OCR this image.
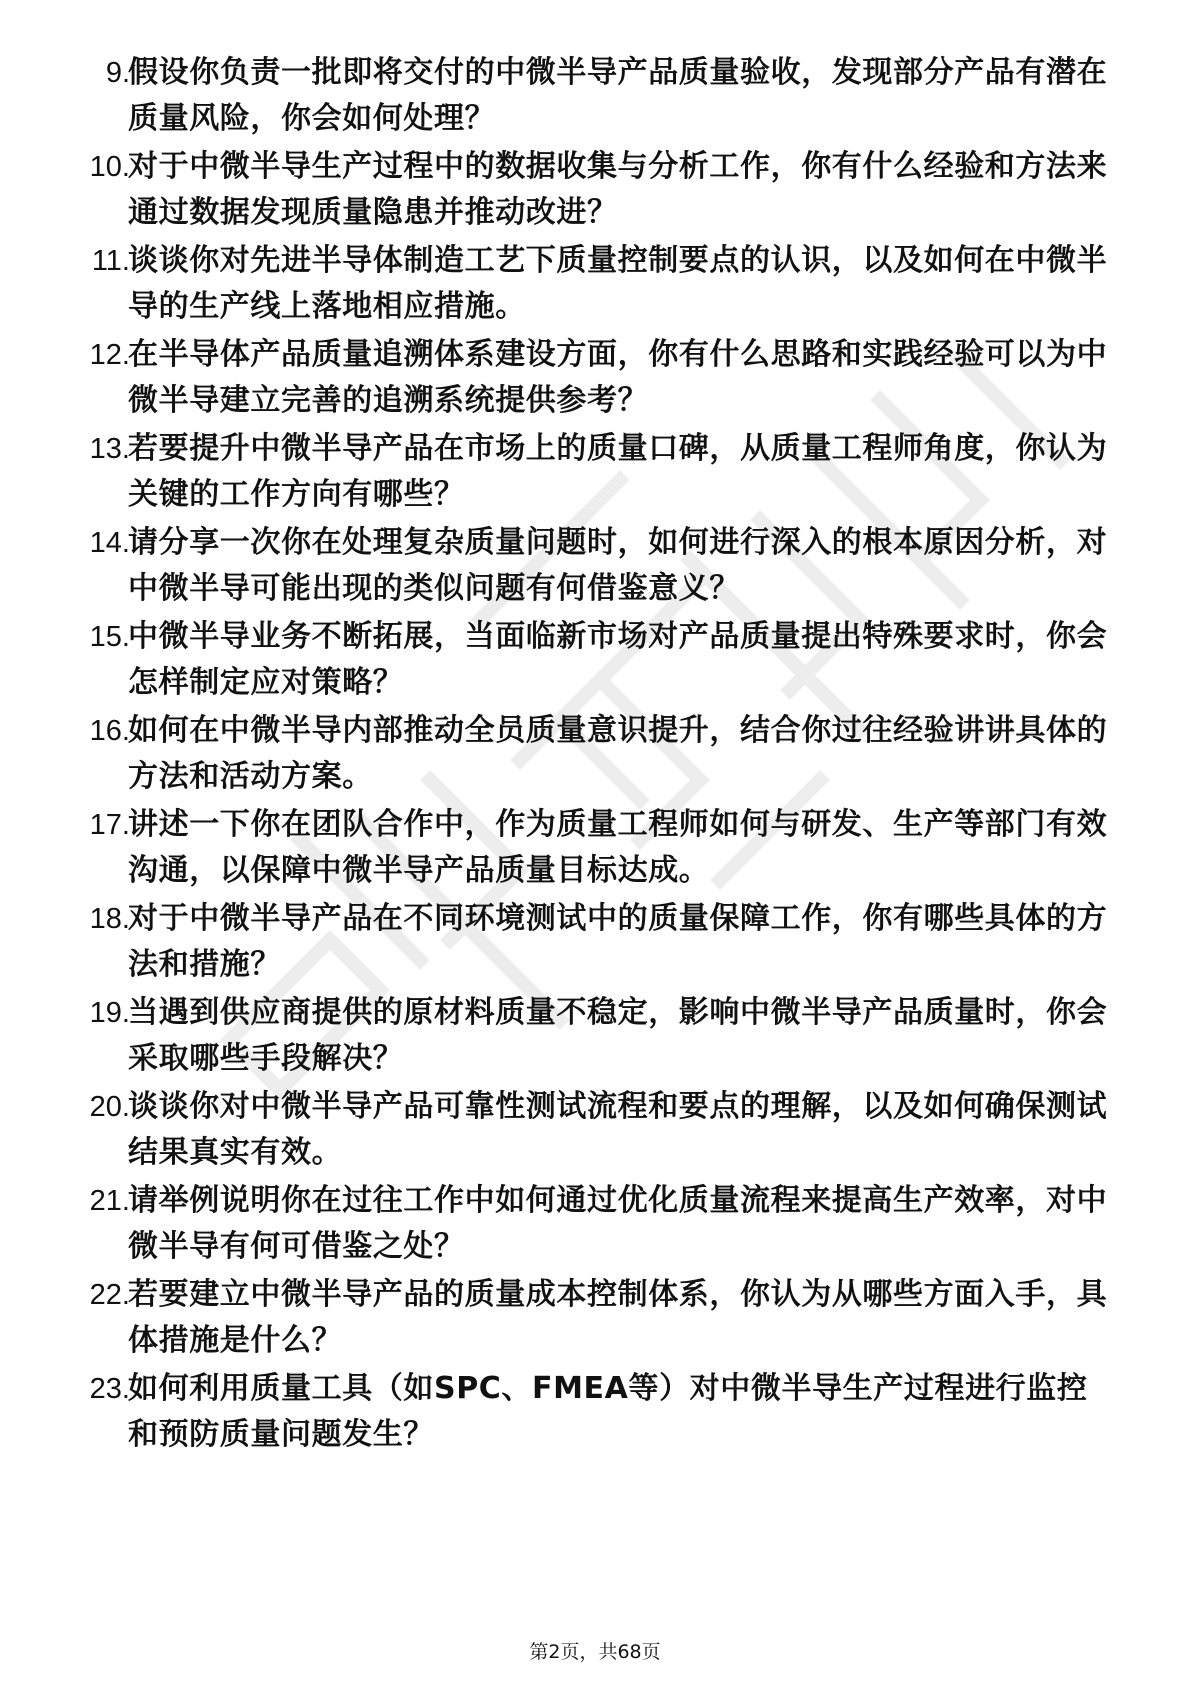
9.
假设你负责一批即将交付的中微半导产品质量验收，发现部分产品有潜在质量风险，你会如何处理？
10.
对于中微半导生产过程中的数据收集与分析工作，你有什么经验和方法来通过数据发现质量隐患并推动改进？
11.
谈谈你对先进半导体制造工艺下质量控制要点的认识，以及如何在中微半导的生产线上落地相应措施。
12.
在半导体产品质量追溯体系建设方面，你有什么思路和实践经验可以为中微半导建立完善的追溯系统提供参考？
13.
若要提升中微半导产品在市场上的质量口碑，从质量工程师角度，你认为关键的工作方向有哪些？
14.
请分享一次你在处理复杂质量问题时，如何进行深入的根本原因分析，对中微半导可能出现的类似问题有何借鉴意义？
15.
中微半导业务不断拓展，当面临新市场对产品质量提出特殊要求时，你会怎样制定应对策略？
16.
如何在中微半导内部推动全员质量意识提升，结合你过往经验讲讲具体的方法和活动方案。
17.
讲述一下你在团队合作中，作为质量工程师如何与研发、生产等部门有效沟通，以保障中微半导产品质量目标达成。
18.
对于中微半导产品在不同环境测试中的质量保障工作，你有哪些具体的方法和措施？
19.
当遇到供应商提供的原材料质量不稳定，影响中微半导产品质量时，你会采取哪些手段解决？
20.
谈谈你对中微半导产品可靠性测试流程和要点的理解，以及如何确保测试结果真实有效。
21.
请举例说明你在过往工作中如何通过优化质量流程来提高生产效率，对中微半导有何可借鉴之处？
22.
若要建立中微半导产品的质量成本控制体系，你认为从哪些方面入手，具体措施是什么？
23.
如何利用质量工具（如SPC、FMEA等）对中微半导生产过程进行监控和预防质量问题发生？
第2页，共68页
